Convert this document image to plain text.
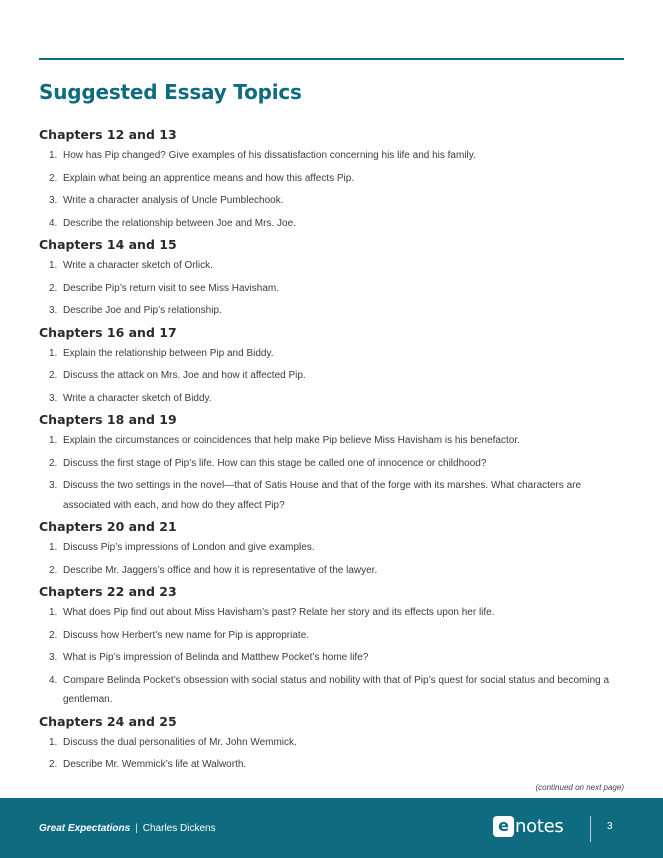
Suggested Essay Topics
Chapters 12 and 13
1. How has Pip changed? Give examples of his dissatisfaction concerning his life and his family.
2. Explain what being an apprentice means and how this affects Pip.
3. Write a character analysis of Uncle Pumblechook.
4. Describe the relationship between Joe and Mrs. Joe.
Chapters 14 and 15
1. Write a character sketch of Orlick.
2. Describe Pip’s return visit to see Miss Havisham.
3. Describe Joe and Pip’s relationship.
Chapters 16 and 17
1. Explain the relationship between Pip and Biddy.
2. Discuss the attack on Mrs. Joe and how it affected Pip.
3. Write a character sketch of Biddy.
Chapters 18 and 19
1. Explain the circumstances or coincidences that help make Pip believe Miss Havisham is his benefactor.
2. Discuss the first stage of Pip’s life. How can this stage be called one of innocence or childhood?
3. Discuss the two settings in the novel—that of Satis House and that of the forge with its marshes. What characters are associated with each, and how do they affect Pip?
Chapters 20 and 21
1. Discuss Pip’s impressions of London and give examples.
2. Describe Mr. Jaggers’s office and how it is representative of the lawyer.
Chapters 22 and 23
1. What does Pip find out about Miss Havisham’s past? Relate her story and its effects upon her life.
2. Discuss how Herbert’s new name for Pip is appropriate.
3. What is Pip’s impression of Belinda and Matthew Pocket’s home life?
4. Compare Belinda Pocket’s obsession with social status and nobility with that of Pip’s quest for social status and becoming a gentleman.
Chapters 24 and 25
1. Discuss the dual personalities of Mr. John Wemmick.
2. Describe Mr. Wemmick’s life at Walworth.
(continued on next page)
Great Expectations | Charles Dickens	e notes	3
